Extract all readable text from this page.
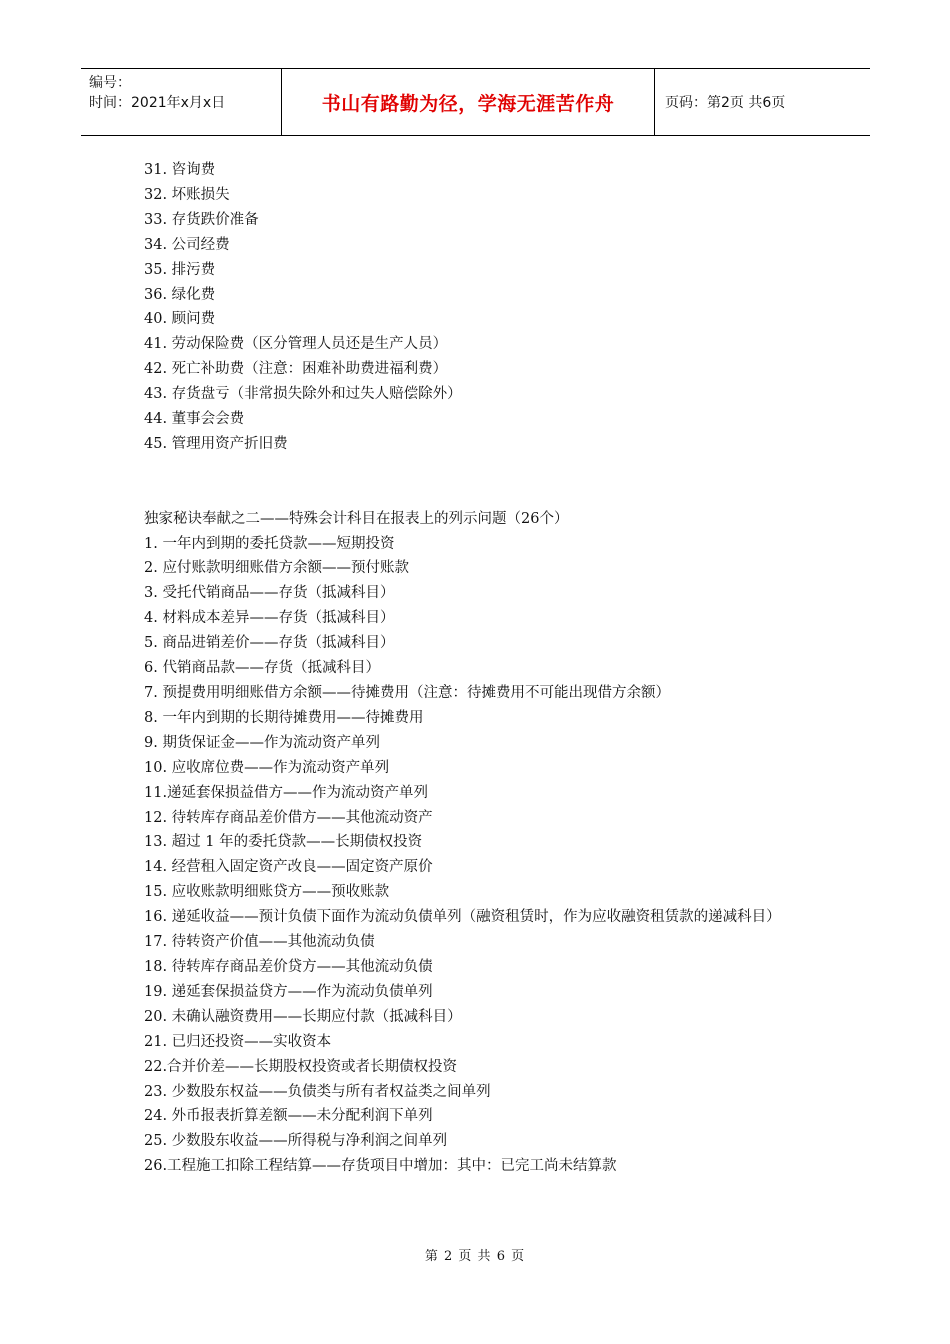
编号：
时间：2021年x月x日	书山有路勤为径，学海无涯苦作舟	页码：第2页 共6页
31. 咨询费
32. 坏账损失
33. 存货跌价准备
34. 公司经费
35. 排污费
36. 绿化费
40. 顾问费
41. 劳动保险费（区分管理人员还是生产人员）
42. 死亡补助费（注意：困难补助费进福利费）
43. 存货盘亏（非常损失除外和过失人赔偿除外）
44. 董事会会费
45. 管理用资产折旧费
独家秘诀奉献之二——特殊会计科目在报表上的列示问题（26个）
1. 一年内到期的委托贷款——短期投资
2. 应付账款明细账借方余额——预付账款
3. 受托代销商品——存货（抵减科目）
4. 材料成本差异——存货（抵减科目）
5. 商品进销差价——存货（抵减科目）
6. 代销商品款——存货（抵减科目）
7. 预提费用明细账借方余额——待摊费用（注意：待摊费用不可能出现借方余额）
8. 一年内到期的长期待摊费用——待摊费用
9. 期货保证金——作为流动资产单列
10. 应收席位费——作为流动资产单列
11.递延套保损益借方——作为流动资产单列
12. 待转库存商品差价借方——其他流动资产
13. 超过 1 年的委托贷款——长期债权投资
14. 经营租入固定资产改良——固定资产原价
15. 应收账款明细账贷方——预收账款
16. 递延收益——预计负债下面作为流动负债单列（融资租赁时，作为应收融资租赁款的递减科目）
17. 待转资产价值——其他流动负债
18. 待转库存商品差价贷方——其他流动负债
19. 递延套保损益贷方——作为流动负债单列
20. 未确认融资费用——长期应付款（抵减科目）
21. 已归还投资——实收资本
22.合并价差——长期股权投资或者长期债权投资
23. 少数股东权益——负债类与所有者权益类之间单列
24. 外币报表折算差额——未分配利润下单列
25. 少数股东收益——所得税与净利润之间单列
26.工程施工扣除工程结算——存货项目中增加：其中：已完工尚未结算款
第 2 页 共 6 页
